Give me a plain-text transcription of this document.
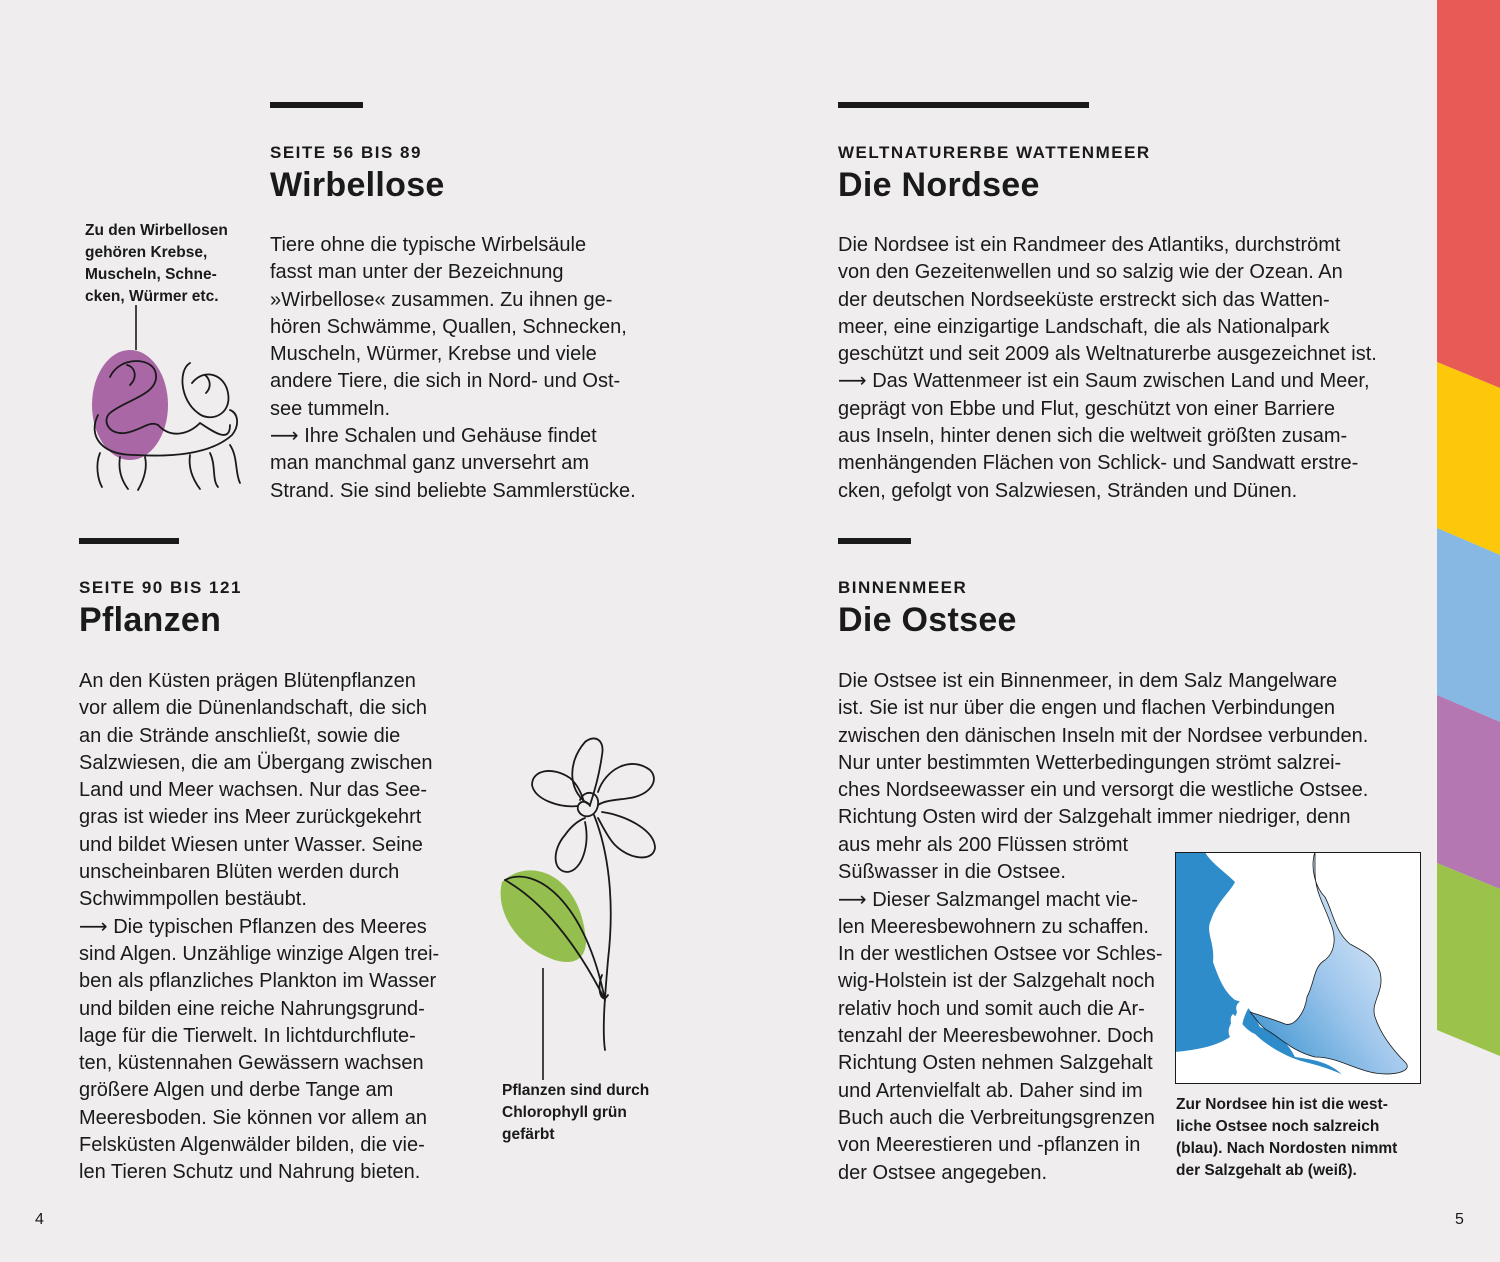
SEITE 56 BIS 89
Wirbellose
Tiere ohne die typische Wirbelsäule
fasst man unter der Bezeichnung
»Wirbellose« zusammen. Zu ihnen ge-
hören Schwämme, Quallen, Schnecken,
Muscheln, Würmer, Krebse und viele
andere Tiere, die sich in Nord- und Ost-
see tummeln.
⟶ Ihre Schalen und Gehäuse findet
man manchmal ganz unversehrt am
Strand. Sie sind beliebte Sammlerstücke.
Zu den Wirbellosen
gehören Krebse,
Muscheln, Schne-
cken, Würmer etc.
WELTNATURERBE WATTENMEER
Die Nordsee
Die Nordsee ist ein Randmeer des Atlantiks, durchströmt
von den Gezeitenwellen und so salzig wie der Ozean. An
der deutschen Nordseeküste erstreckt sich das Watten-
meer, eine einzigartige Landschaft, die als Nationalpark
geschützt und seit 2009 als Weltnaturerbe ausgezeichnet ist.
⟶ Das Wattenmeer ist ein Saum zwischen Land und Meer,
geprägt von Ebbe und Flut, geschützt von einer Barriere
aus Inseln, hinter denen sich die weltweit größten zusam-
menhängenden Flächen von Schlick- und Sandwatt erstre-
cken, gefolgt von Salzwiesen, Stränden und Dünen.
SEITE 90 BIS 121
Pflanzen
An den Küsten prägen Blütenpflanzen
vor allem die Dünenlandschaft, die sich
an die Strände anschließt, sowie die
Salzwiesen, die am Übergang zwischen
Land und Meer wachsen. Nur das See-
gras ist wieder ins Meer zurückgekehrt
und bildet Wiesen unter Wasser. Seine
unscheinbaren Blüten werden durch
Schwimmpollen bestäubt.
⟶ Die typischen Pflanzen des Meeres
sind Algen. Unzählige winzige Algen trei-
ben als pflanzliches Plankton im Wasser
und bilden eine reiche Nahrungsgrund-
lage für die Tierwelt. In lichtdurchflute-
ten, küstennahen Gewässern wachsen
größere Algen und derbe Tange am
Meeresboden. Sie können vor allem an
Felsküsten Algenwälder bilden, die vie-
len Tieren Schutz und Nahrung bieten.
Pflanzen sind durch
Chlorophyll grün
gefärbt
BINNENMEER
Die Ostsee
Die Ostsee ist ein Binnenmeer, in dem Salz Mangelware
ist. Sie ist nur über die engen und flachen Verbindungen
zwischen den dänischen Inseln mit der Nordsee verbunden.
Nur unter bestimmten Wetterbedingungen strömt salzrei-
ches Nordseewasser ein und versorgt die westliche Ostsee.
Richtung Osten wird der Salzgehalt immer niedriger, denn
aus mehr als 200 Flüssen strömt
Süßwasser in die Ostsee.
⟶ Dieser Salzmangel macht vie-
len Meeresbewohnern zu schaffen.
In der westlichen Ostsee vor Schles-
wig-Holstein ist der Salzgehalt noch
relativ hoch und somit auch die Ar-
tenzahl der Meeresbewohner. Doch
Richtung Osten nehmen Salzgehalt
und Artenvielfalt ab. Daher sind im
Buch auch die Verbreitungsgrenzen
von Meerestieren und -pflanzen in
der Ostsee angegeben.
Zur Nordsee hin ist die west-
liche Ostsee noch salzreich
(blau). Nach Nordosten nimmt
der Salzgehalt ab (weiß).
4	5
